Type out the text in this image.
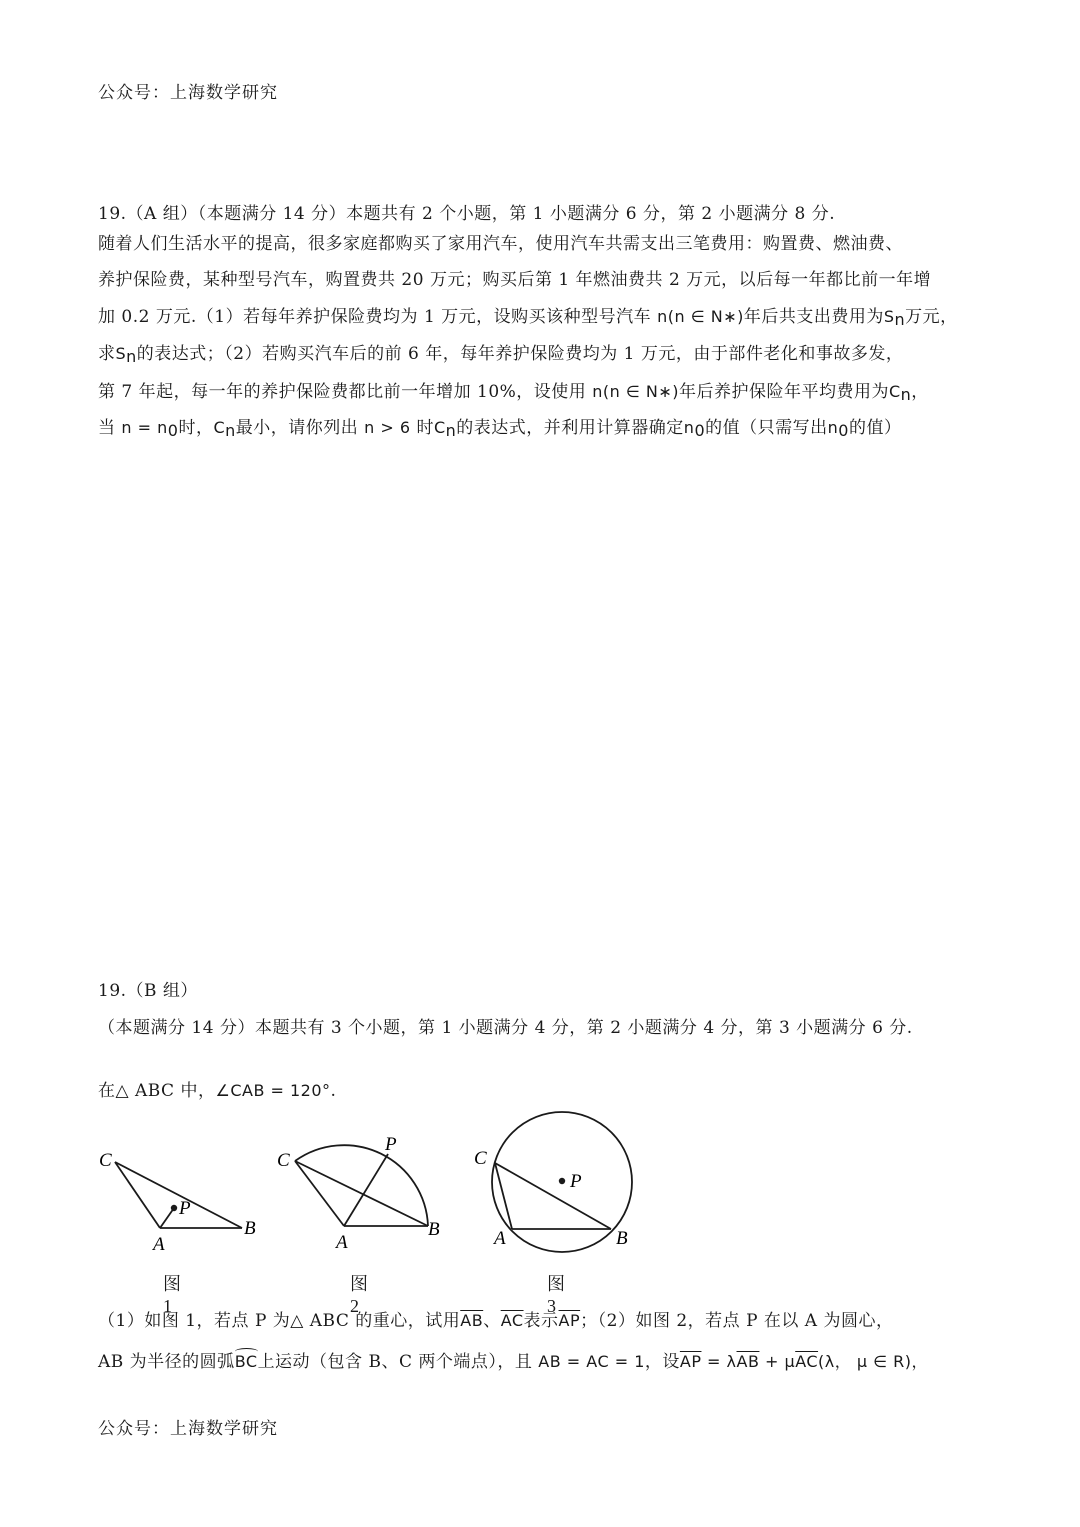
公众号：上海数学研究
19.（A 组）（本题满分 14 分）本题共有 2 个小题，第 1 小题满分 6 分，第 2 小题满分 8 分.
随着人们生活水平的提高，很多家庭都购买了家用汽车，使用汽车共需支出三笔费用：购置费、燃油费、
养护保险费，某种型号汽车，购置费共 20 万元；购买后第 1 年燃油费共 2 万元，以后每一年都比前一年增
加 0.2 万元.（1）若每年养护保险费均为 1 万元，设购买该种型号汽车 n(n ∈ N∗)年后共支出费用为$S_n$万元，
求$S_n$的表达式；（2）若购买汽车后的前 6 年，每年养护保险费均为 1 万元，由于部件老化和事故多发，
第 7 年起，每一年的养护保险费都比前一年增加 10%，设使用 n(n ∈ N∗)年后养护保险年平均费用为$C_n$，
当 $n = n_0$时，$C_n$最小，请你列出 n > 6 时$C_n$的表达式，并利用计算器确定$n_0$的值（只需写出$n_0$的值）
19.（B 组）
（本题满分 14 分）本题共有 3 个小题，第 1 小题满分 4 分，第 2 小题满分 4 分，第 3 小题满分 6 分.
在△ ABC 中，∠CAB = 120°.
C
P
A
B
C
P
A
B
C
P
A	B
图1
图2
图3
（1）如图 1，若点 P 为△ ABC 的重心，试用$\overline{AB}$、$\overline{AC}$表示$\overline{AP}$；（2）如图 2，若点 P 在以 A 为圆心，
AB 为半径的圆弧BC上运动（包含 B、C 两个端点），且 AB = AC = 1，设$\overline{AP} = \lambda\overline{AB} + \mu\overline{AC}(\lambda$， μ ∈ R)，
公众号：上海数学研究
